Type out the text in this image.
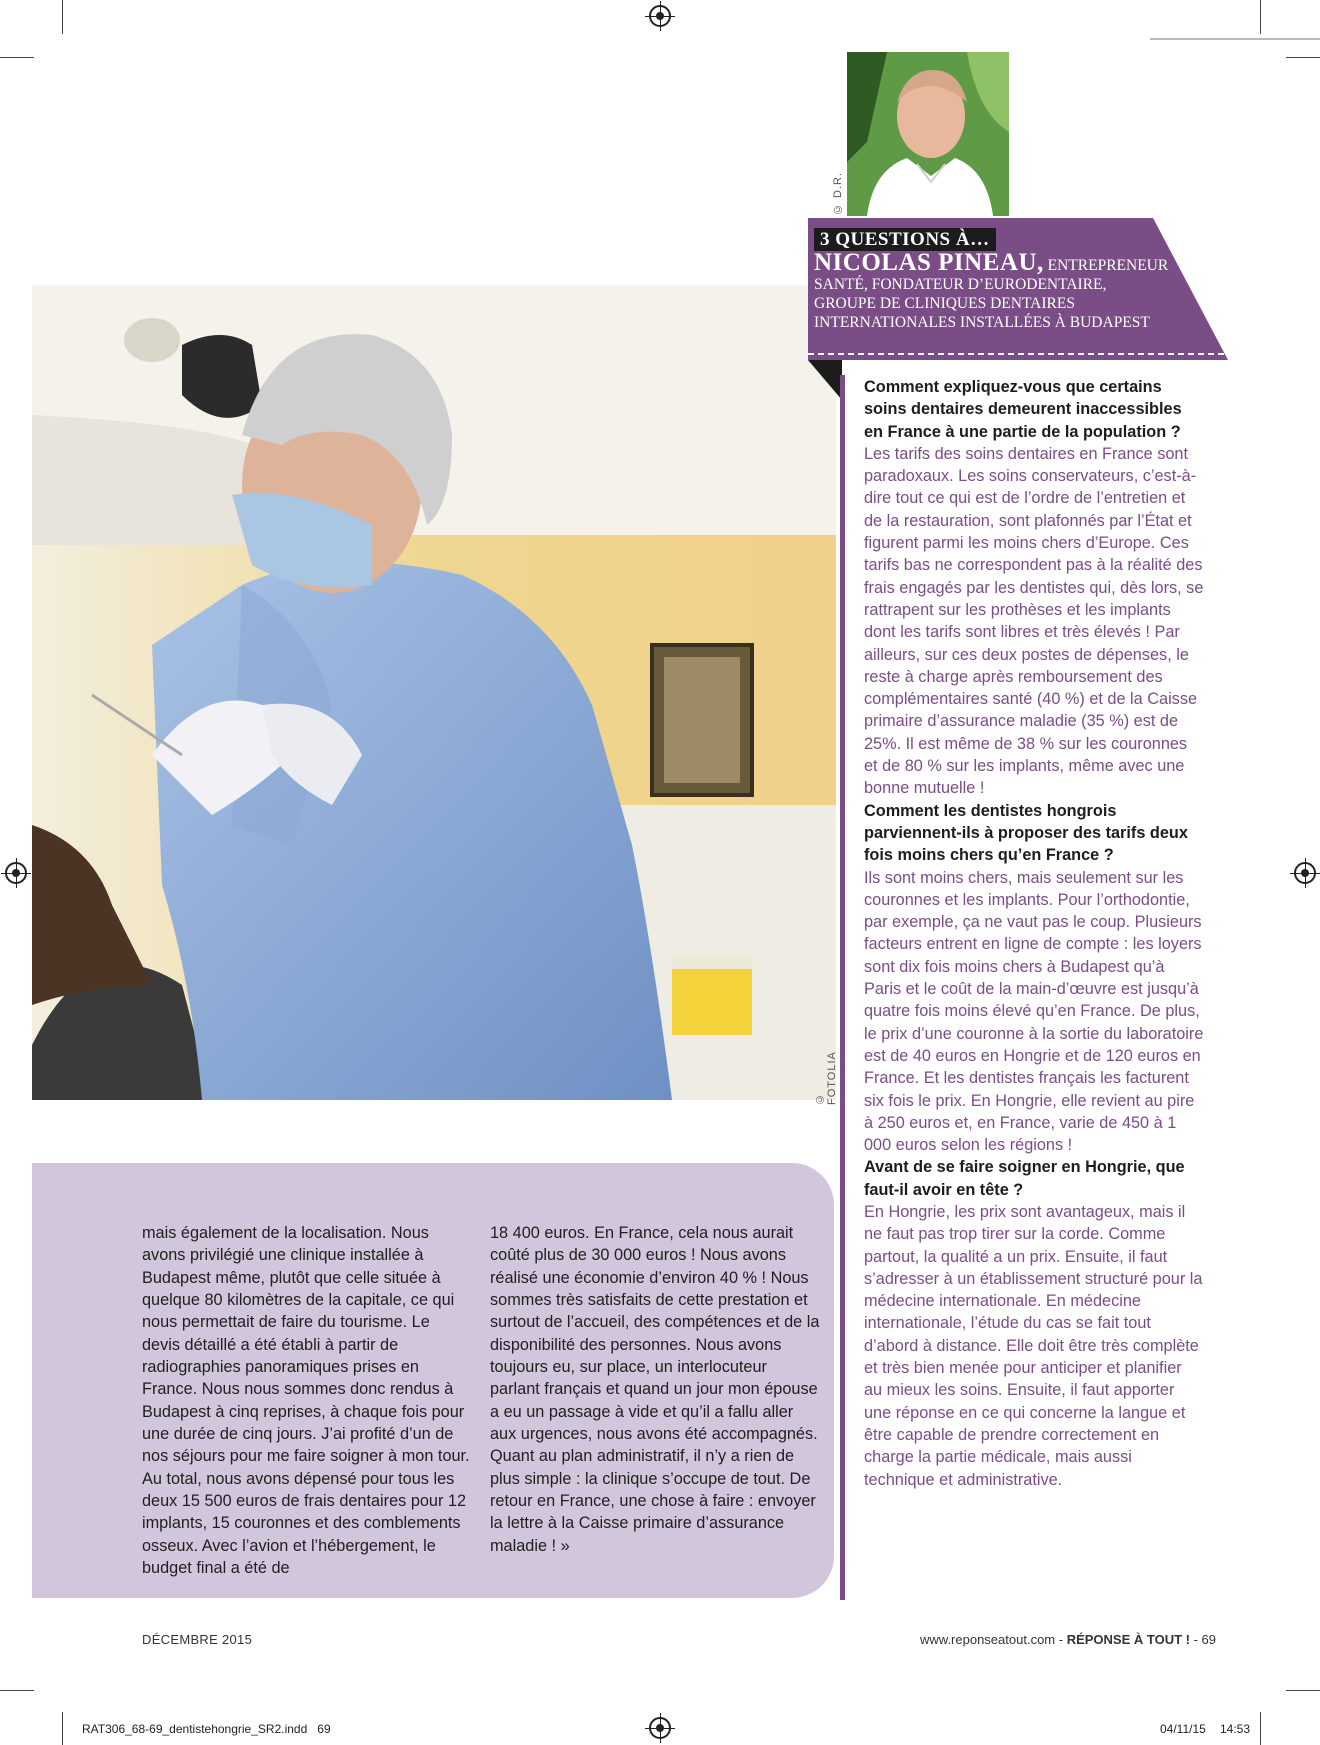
© FOTOLIA
© D.R.
3 QUESTIONS À…
NICOLAS PINEAU, ENTREPRENEUR
SANTÉ, FONDATEUR D’EURODENTAIRE,
GROUPE DE CLINIQUES DENTAIRES
INTERNATIONALES INSTALLÉES À BUDAPEST
Comment expliquez-vous que certains soins dentaires demeurent inaccessibles en France à une partie de la population ?
Les tarifs des soins dentaires en France sont paradoxaux. Les soins conservateurs, c’est-à-dire tout ce qui est de l’ordre de l’entretien et de la restauration, sont plafonnés par l’État et figurent parmi les moins chers d’Europe. Ces tarifs bas ne correspondent pas à la réalité des frais engagés par les dentistes qui, dès lors, se rattrapent sur les prothèses et les implants dont les tarifs sont libres et très élevés ! Par ailleurs, sur ces deux postes de dépenses, le reste à charge après remboursement des complémentaires santé (40 %) et de la Caisse primaire d’assurance maladie (35 %) est de 25%. Il est même de 38 % sur les couronnes et de 80 % sur les implants, même avec une bonne mutuelle !
Comment les dentistes hongrois parviennent-ils à proposer des tarifs deux fois moins chers qu’en France ?
Ils sont moins chers, mais seulement sur les couronnes et les implants. Pour l’orthodontie, par exemple, ça ne vaut pas le coup. Plusieurs facteurs entrent en ligne de compte : les loyers sont dix fois moins chers à Budapest qu’à Paris et le coût de la main-d’œuvre est jusqu’à quatre fois moins élevé qu’en France. De plus, le prix d’une couronne à la sortie du laboratoire est de 40 euros en Hongrie et de 120 euros en France. Et les dentistes français les facturent six fois le prix. En Hongrie, elle revient au pire à 250 euros et, en France, varie de 450 à 1 000 euros selon les régions !
Avant de se faire soigner en Hongrie, que faut-il avoir en tête ?
En Hongrie, les prix sont avantageux, mais il ne faut pas trop tirer sur la corde. Comme partout, la qualité a un prix. Ensuite, il faut s’adresser à un établissement structuré pour la médecine internationale. En médecine internationale, l’étude du cas se fait tout d’abord à distance. Elle doit être très complète et très bien menée pour anticiper et planifier au mieux les soins. Ensuite, il faut apporter une réponse en ce qui concerne la langue et être capable de prendre correctement en charge la partie médicale, mais aussi technique et administrative.
mais également de la localisation. Nous avons privilégié une clinique installée à Budapest même, plutôt que celle située à quelque 80 kilomètres de la capitale, ce qui nous permettait de faire du tourisme. Le devis détaillé a été établi à partir de radiographies panoramiques prises en France. Nous nous sommes donc rendus à Budapest à cinq reprises, à chaque fois pour une durée de cinq jours. J’ai profité d’un de nos séjours pour me faire soigner à mon tour. Au total, nous avons dépensé pour tous les deux 15 500 euros de frais dentaires pour 12 implants, 15 couronnes et des comblements osseux. Avec l’avion et l’hébergement, le budget final a été de
18 400 euros. En France, cela nous aurait coûté plus de 30 000 euros ! Nous avons réalisé une économie d’environ 40 % ! Nous sommes très satisfaits de cette prestation et surtout de l’accueil, des compétences et de la disponibilité des personnes. Nous avons toujours eu, sur place, un interlocuteur parlant français et quand un jour mon épouse a eu un passage à vide et qu’il a fallu aller aux urgences, nous avons été accompagnés. Quant au plan administratif, il n’y a rien de plus simple : la clinique s’occupe de tout. De retour en France, une chose à faire : envoyer la lettre à la Caisse primaire d’assurance maladie ! »
DÉCEMBRE 2015	www.reponseatout.com - RÉPONSE À TOUT ! - 69
RAT306_68-69_dentistehongrie_SR2.indd   69	04/11/15 14:53
